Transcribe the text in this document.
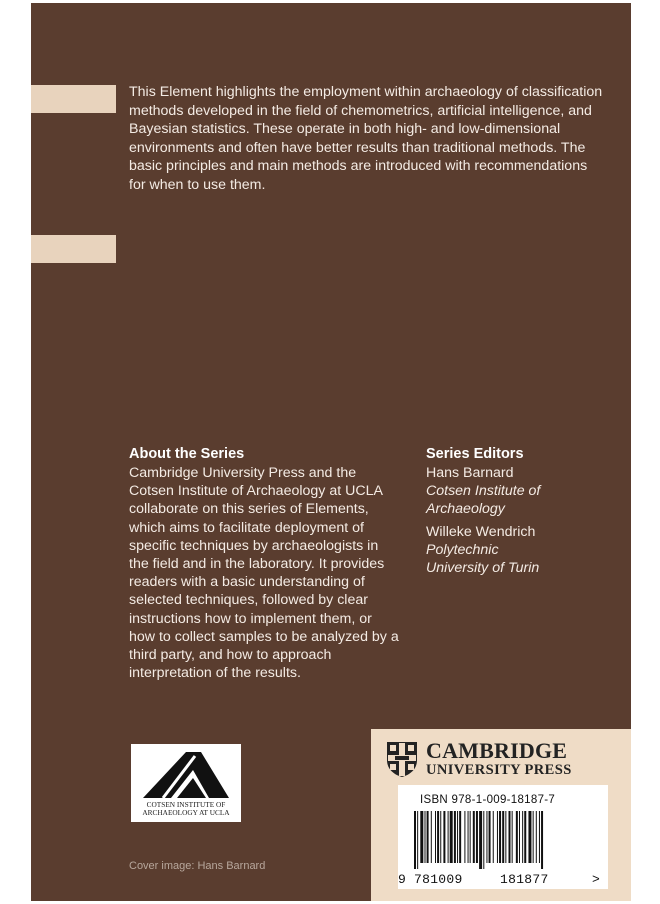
This Element highlights the employment within archaeology of classification methods developed in the field of chemometrics, artificial intelligence, and Bayesian statistics. These operate in both high- and low-dimensional environments and often have better results than traditional methods. The basic principles and main methods are introduced with recommendations for when to use them.

About the Series

Cambridge University Press and the Cotsen Institute of Archaeology at UCLA collaborate on this series of Elements, which aims to facilitate deployment of specific techniques by archaeologists in the field and in the laboratory. It provides readers with a basic understanding of selected techniques, followed by clear instructions how to implement them, or how to collect samples to be analyzed by a third party, and how to approach interpretation of the results.

Series Editors
Hans Barnard
Cotsen Institute of
Archaeology
Willeke Wendrich
Polytechnic
University of Turin
COTSEN INSTITUTE OF
ARCHAEOLOGY AT UCLA
CAMBRIDGE
UNIVERSITY PRESS
ISBN 978-1-009-18187-7
9 781009	181877	>
Cover image: Hans Barnard
